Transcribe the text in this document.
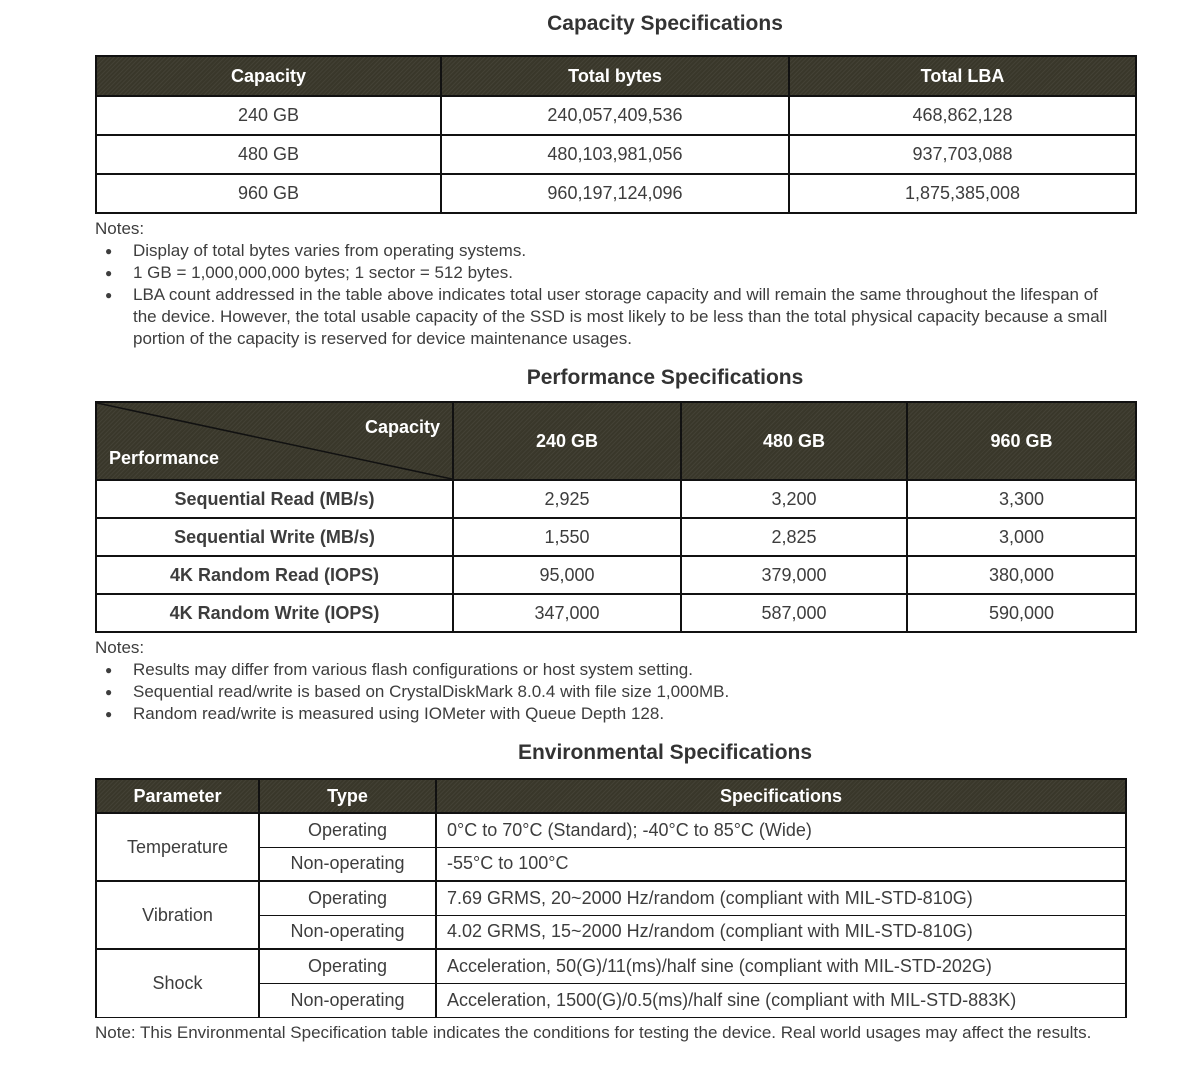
Capacity Specifications
Capacity	Total bytes	Total LBA
240 GB	240,057,409,536	468,862,128
480 GB	480,103,981,056	937,703,088
960 GB	960,197,124,096	1,875,385,008
Notes:
●	Display of total bytes varies from operating systems.
●	1 GB = 1,000,000,000 bytes; 1 sector = 512 bytes.
●	LBA count addressed in the table above indicates total user storage capacity and will remain the same throughout the lifespan of the device. However, the total usable capacity of the SSD is most likely to be less than the total physical capacity because a small portion of the capacity is reserved for device maintenance usages.
Performance Specifications
Capacity
Performance	240 GB	480 GB	960 GB
Sequential Read (MB/s)	2,925	3,200	3,300
Sequential Write (MB/s)	1,550	2,825	3,000
4K Random Read (IOPS)	95,000	379,000	380,000
4K Random Write (IOPS)	347,000	587,000	590,000
Notes:
●	Results may differ from various flash configurations or host system setting.
●	Sequential read/write is based on CrystalDiskMark 8.0.4 with file size 1,000MB.
●	Random read/write is measured using IOMeter with Queue Depth 128.
Environmental Specifications
Parameter	Type	Specifications
Temperature	Operating	0°C to 70°C (Standard); -40°C to 85°C (Wide)
	Non-operating	-55°C to 100°C
Vibration	Operating	7.69 GRMS, 20~2000 Hz/random (compliant with MIL-STD-810G)
	Non-operating	4.02 GRMS, 15~2000 Hz/random (compliant with MIL-STD-810G)
Shock	Operating	Acceleration, 50(G)/11(ms)/half sine (compliant with MIL-STD-202G)
	Non-operating	Acceleration, 1500(G)/0.5(ms)/half sine (compliant with MIL-STD-883K)
Note: This Environmental Specification table indicates the conditions for testing the device. Real world usages may affect the results.
